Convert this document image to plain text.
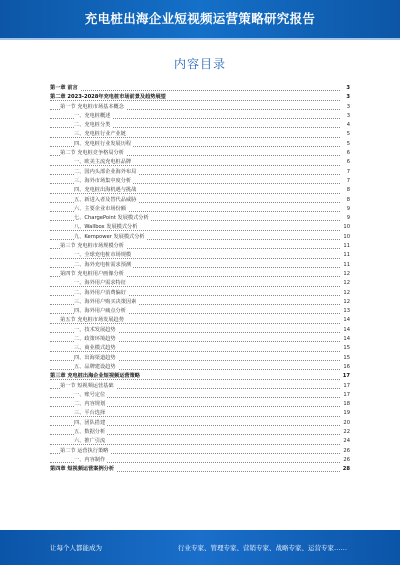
充电桩出海企业短视频运营策略研究报告
内容目录
第一章 前言	3
第二章 2023-2028年充电桩市场前景及趋势展望	3
第一节 充电桩市场基本概念	3
一、充电桩概述	3
二、充电桩分类	4
三、充电桩行业产业链	5
四、充电桩行业发展历程	5
第二节 充电桩竞争格局分析	6
一、欧美主流充电桩品牌	6
二、国内头部企业海外布局	7
三、海外市场集中度分析	7
四、充电桩出海机遇与挑战	8
五、新进入者及替代品威胁	8
六、主要企业市场份额	9
七、ChargePoint 发展模式分析	9
八、Wallbox 发展模式分析	10
九、Kempower 发展模式分析	10
第三节 充电桩市场规模分析	11
一、全球充电桩市场规模	11
二、海外充电桩需求预测	11
第四节 充电桩用户画像分析	12
一、海外用户需求特征	12
二、海外用户消费偏好	12
三、海外用户购买决策因素	12
四、海外用户痛点分析	13
第五节 充电桩市场发展趋势	14
一、技术发展趋势	14
二、政策环境趋势	14
三、商业模式趋势	15
四、出海渠道趋势	15
五、品牌建设趋势	16
第三章 充电桩出海企业短视频运营策略	17
第一节 短视频运营基础	17
一、账号定位	17
二、内容规划	18
三、平台选择	19
四、团队搭建	20
五、数据分析	22
六、推广引流	24
第二节 运营执行策略	26
一、内容制作	26
第四章 短视频运营案例分析	28
让每个人都能成为	行业专家、管理专家、营销专家、战略专家、运营专家……
